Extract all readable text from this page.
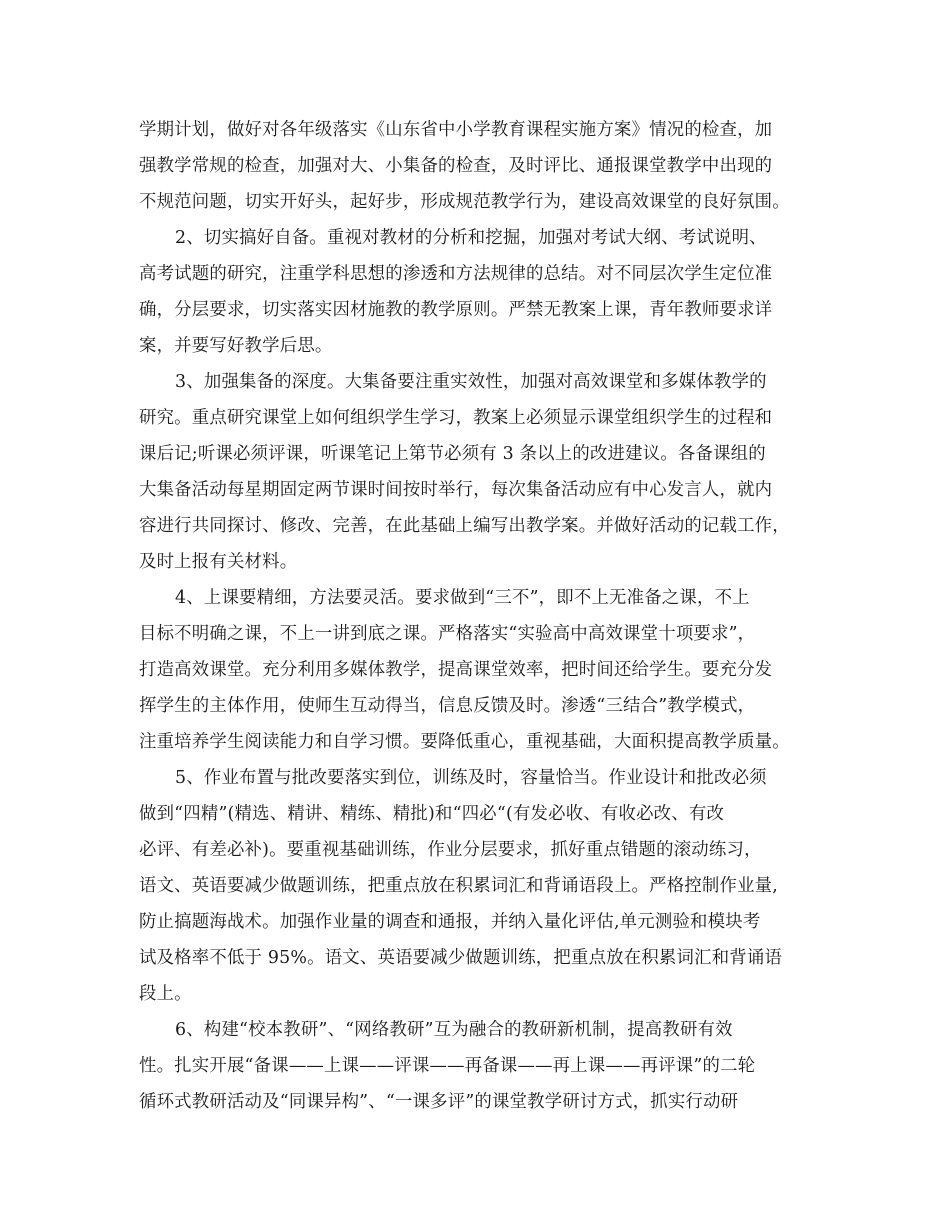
学期计划，做好对各年级落实《山东省中小学教育课程实施方案》情况的检查，加
强教学常规的检查，加强对大、小集备的检查，及时评比、通报课堂教学中出现的
不规范问题，切实开好头，起好步，形成规范教学行为，建设高效课堂的良好氛围。
2、切实搞好自备。重视对教材的分析和挖掘，加强对考试大纲、考试说明、
高考试题的研究，注重学科思想的渗透和方法规律的总结。对不同层次学生定位准
确，分层要求，切实落实因材施教的教学原则。严禁无教案上课，青年教师要求详
案，并要写好教学后思。
3、加强集备的深度。大集备要注重实效性，加强对高效课堂和多媒体教学的
研究。重点研究课堂上如何组织学生学习，教案上必须显示课堂组织学生的过程和
课后记;听课必须评课，听课笔记上第节必须有 3 条以上的改进建议。各备课组的
大集备活动每星期固定两节课时间按时举行，每次集备活动应有中心发言人，就内
容进行共同探讨、修改、完善，在此基础上编写出教学案。并做好活动的记载工作，
及时上报有关材料。
4、上课要精细，方法要灵活。要求做到“三不”，即不上无准备之课，不上
目标不明确之课，不上一讲到底之课。严格落实“实验高中高效课堂十项要求”，
打造高效课堂。充分利用多媒体教学，提高课堂效率，把时间还给学生。要充分发
挥学生的主体作用，使师生互动得当，信息反馈及时。渗透“三结合”教学模式，
注重培养学生阅读能力和自学习惯。要降低重心，重视基础，大面积提高教学质量。
5、作业布置与批改要落实到位，训练及时，容量恰当。作业设计和批改必须
做到“四精”(精选、精讲、精练、精批)和“四必“(有发必收、有收必改、有改
必评、有差必补)。要重视基础训练，作业分层要求，抓好重点错题的滚动练习，
语文、英语要减少做题训练，把重点放在积累词汇和背诵语段上。严格控制作业量,
防止搞题海战术。加强作业量的调查和通报，并纳入量化评估,单元测验和模块考
试及格率不低于 95%。语文、英语要减少做题训练，把重点放在积累词汇和背诵语
段上。
6、构建“校本教研”、“网络教研”互为融合的教研新机制，提高教研有效
性。扎实开展“备课——上课——评课——再备课——再上课——再评课”的二轮
循环式教研活动及“同课异构”、“一课多评”的课堂教学研讨方式，抓实行动研
